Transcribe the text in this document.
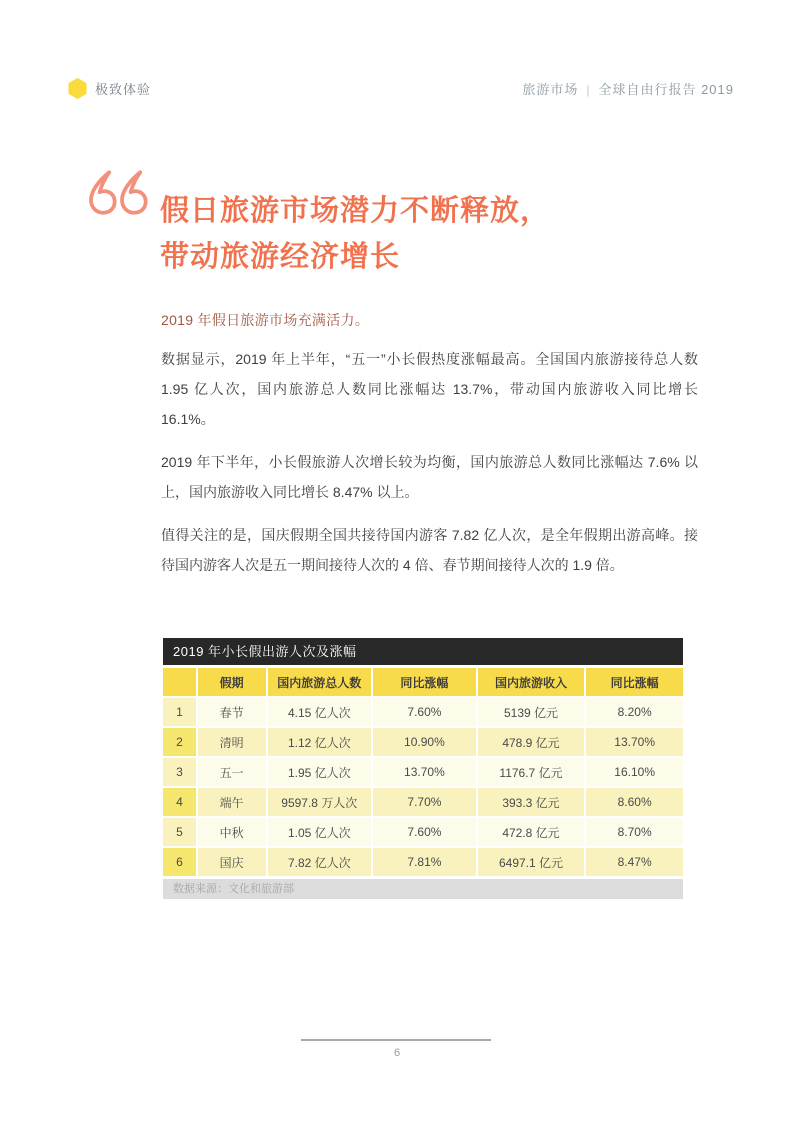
极致体验	旅游市场 | 全球自由行报告 2019
假日旅游市场潜力不断释放，
带动旅游经济增长
2019 年假日旅游市场充满活力。

数据显示，2019 年上半年，“五一”小长假热度涨幅最高。全国国内旅游接待总人数 1.95 亿人次，国内旅游总人数同比涨幅达 13.7%，带动国内旅游收入同比增长 16.1%。

2019 年下半年，小长假旅游人次增长较为均衡，国内旅游总人数同比涨幅达 7.6% 以上，国内旅游收入同比增长 8.47% 以上。

值得关注的是，国庆假期全国共接待国内游客 7.82 亿人次，是全年假期出游高峰。接待国内游客人次是五一期间接待人次的 4 倍、春节期间接待人次的 1.9 倍。

2019 年小长假出游人次及涨幅
	假期	国内旅游总人数	同比涨幅	国内旅游收入	同比涨幅
1	春节	4.15 亿人次	7.60%	5139 亿元	8.20%
2	清明	1.12 亿人次	10.90%	478.9 亿元	13.70%
3	五一	1.95 亿人次	13.70%	1176.7 亿元	16.10%
4	端午	9597.8 万人次	7.70%	393.3 亿元	8.60%
5	中秋	1.05 亿人次	7.60%	472.8 亿元	8.70%
6	国庆	7.82 亿人次	7.81%	6497.1 亿元	8.47%
数据来源：文化和旅游部
6
